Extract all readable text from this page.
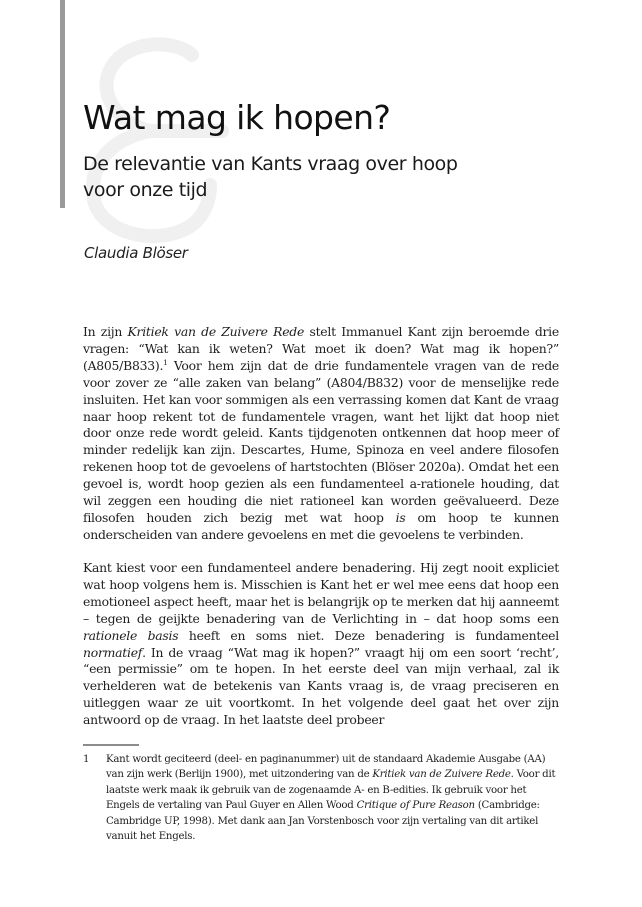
Wat mag ik hopen?
De relevantie van Kants vraag over hoop voor onze tijd

Claudia Blöser

In zijn Kritiek van de Zuivere Rede stelt Immanuel Kant zijn beroemde drie vragen: “Wat kan ik weten? Wat moet ik doen? Wat mag ik hopen?” (A805/B833).$^1$ Voor hem zijn dat de drie fundamentele vragen van de rede voor zover ze “alle zaken van belang” (A804/B832) voor de menselijke rede insluiten. Het kan voor sommigen als een verrassing komen dat Kant de vraag naar hoop rekent tot de fundamentele vragen, want het lijkt dat hoop niet door onze rede wordt geleid. Kants tijdgenoten ontkennen dat hoop meer of minder redelijk kan zijn. Descartes, Hume, Spinoza en veel andere filosofen rekenen hoop tot de gevoelens of hartstochten (Blöser 2020a). Omdat het een gevoel is, wordt hoop gezien als een fundamenteel a-rationele houding, dat wil zeggen een houding die niet rationeel kan worden geëvalueerd. Deze filosofen houden zich bezig met wat hoop is om hoop te kunnen onderscheiden van andere gevoelens en met die gevoelens te verbinden.

Kant kiest voor een fundamenteel andere benadering. Hij zegt nooit expliciet wat hoop volgens hem is. Misschien is Kant het er wel mee eens dat hoop een emotioneel aspect heeft, maar het is belangrijk op te merken dat hij aanneemt – tegen de geijkte benadering van de Verlichting in – dat hoop soms een rationele basis heeft en soms niet. Deze benadering is fundamenteel normatief. In de vraag “Wat mag ik hopen?” vraagt hij om een soort ‘recht’, “een permissie” om te hopen. In het eerste deel van mijn verhaal, zal ik verhelderen wat de betekenis van Kants vraag is, de vraag preciseren en uitleggen waar ze uit voortkomt. In het volgende deel gaat het over zijn antwoord op de vraag. In het laatste deel probeer

1	Kant wordt geciteerd (deel- en paginanummer) uit de standaard Akademie Ausgabe (AA) van zijn werk (Berlijn 1900), met uitzondering van de Kritiek van de Zuivere Rede. Voor dit laatste werk maak ik gebruik van de zogenaamde A- en B-edities. Ik gebruik voor het Engels de vertaling van Paul Guyer en Allen Wood Critique of Pure Reason (Cambridge: Cambridge UP, 1998). Met dank aan Jan Vorstenbosch voor zijn vertaling van dit artikel vanuit het Engels.
